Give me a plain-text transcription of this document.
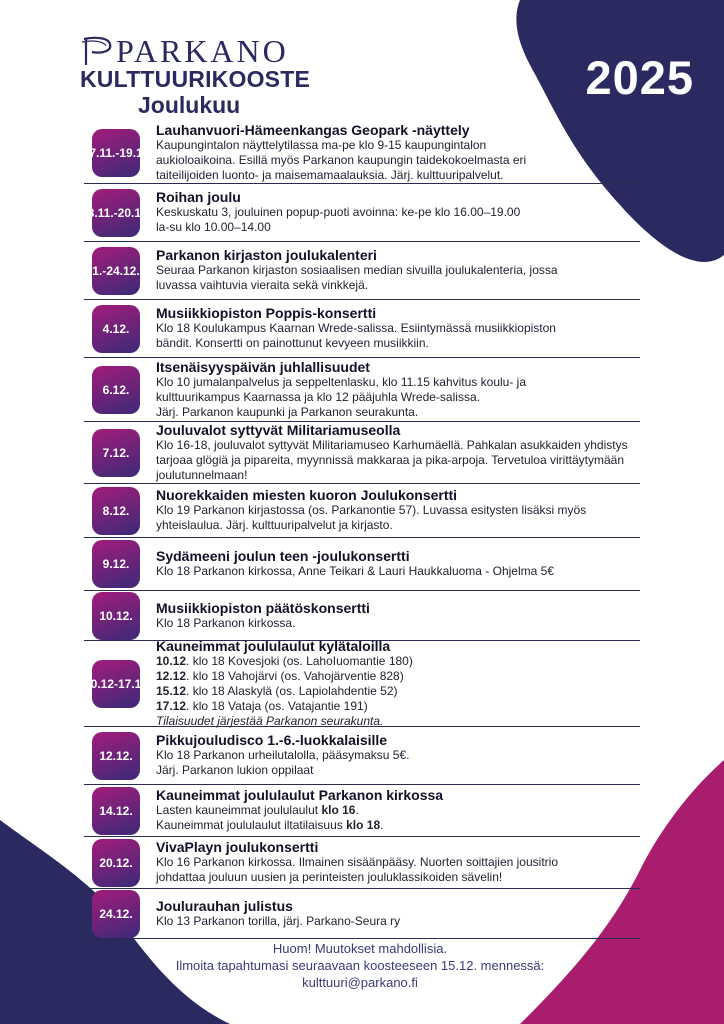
PARKANO
KULTTUURIKOOSTE
Joulukuu
2025
17.11.- 19.12
Lauhanvuori-Hämeenkangas Geopark -näyttely
Kaupungintalon näyttelytilassa ma-pe klo 9-15 kaupungintalon
aukioloaikoina. Esillä myös Parkanon kaupungin taidekokoelmasta eri
taiteilijoiden luonto- ja maisemamaalauksia. Järj. kulttuuripalvelut.
28.11.- 20.12.
Roihan joulu
Keskuskatu 3, jouluinen popup-puoti avoinna: ke-pe klo 16.00–19.00
la-su klo 10.00–14.00
1.- 24.12.
Parkanon kirjaston joulukalenteri
Seuraa Parkanon kirjaston sosiaalisen median sivuilla joulukalenteria, jossa
luvassa vaihtuvia vieraita sekä vinkkejä.
4.12.
Musiikkiopiston Poppis-konsertti
Klo 18 Koulukampus Kaarnan Wrede-salissa. Esiintymässä musiikkiopiston
bändit. Konsertti on painottunut kevyeen musiikkiin.
6.12.
Itsenäisyyspäivän juhlallisuudet
Klo 10 jumalanpalvelus ja seppeltenlasku, klo 11.15 kahvitus koulu- ja
kulttuurikampus Kaarnassa ja klo 12 pääjuhla Wrede-salissa.
Järj. Parkanon kaupunki ja Parkanon seurakunta.
7.12.
Jouluvalot syttyvät Militariamuseolla
Klo 16-18, jouluvalot syttyvät Militariamuseo Karhumäellä. Pahkalan asukkaiden yhdistys
tarjoaa glögiä ja pipareita, myynnissä makkaraa ja pika-arpoja. Tervetuloa virittäytymään
joulutunnelmaan!
8.12.
Nuorekkaiden miesten kuoron Joulukonsertti
Klo 19 Parkanon kirjastossa (os. Parkanontie 57). Luvassa esitysten lisäksi myös
yhteislaulua. Järj. kulttuuripalvelut ja kirjasto.
9.12. Sydämeeni joulun teen -joulukonsertti
Klo 18 Parkanon kirkossa, Anne Teikari & Lauri Haukkaluoma - Ohjelma 5€
10.12. Musiikkiopiston päätöskonsertti
Klo 18 Parkanon kirkossa.
10.12- 17.12
Kauneimmat joululaulut kylätaloilla
10.12. klo 18 Kovesjoki (os. LahoIuomantie 180)
12.12. klo 18 Vahojärvi (os. Vahojärventie 828)
15.12. klo 18 Alaskylä (os. Lapiolahdentie 52)
17.12. klo 18 Vataja (os. Vatajantie 191)
Tilaisuudet järjestää Parkanon seurakunta.
12.12.
Pikkujouludisco 1.-6.-luokkalaisille
Klo 18 Parkanon urheilutalolla, pääsymaksu 5€.
Järj. Parkanon lukion oppilaat
14.12.
Kauneimmat joululaulut Parkanon kirkossa
Lasten kauneimmat joululaulut klo 16.
Kauneimmat joululaulut iltatilaisuus klo 18.
20.12.
VivaPlayn joulukonsertti
Klo 16 Parkanon kirkossa. Ilmainen sisäänpääsy. Nuorten soittajien jousitrio
johdattaa jouluun uusien ja perinteisten jouluklassikoiden sävelin!
24.12. Joulurauhan julistus
Klo 13 Parkanon torilla, järj. Parkano-Seura ry
Huom! Muutokset mahdollisia.
Ilmoita tapahtumasi seuraavaan koosteeseen 15.12. mennessä:
kulttuuri@parkano.fi
